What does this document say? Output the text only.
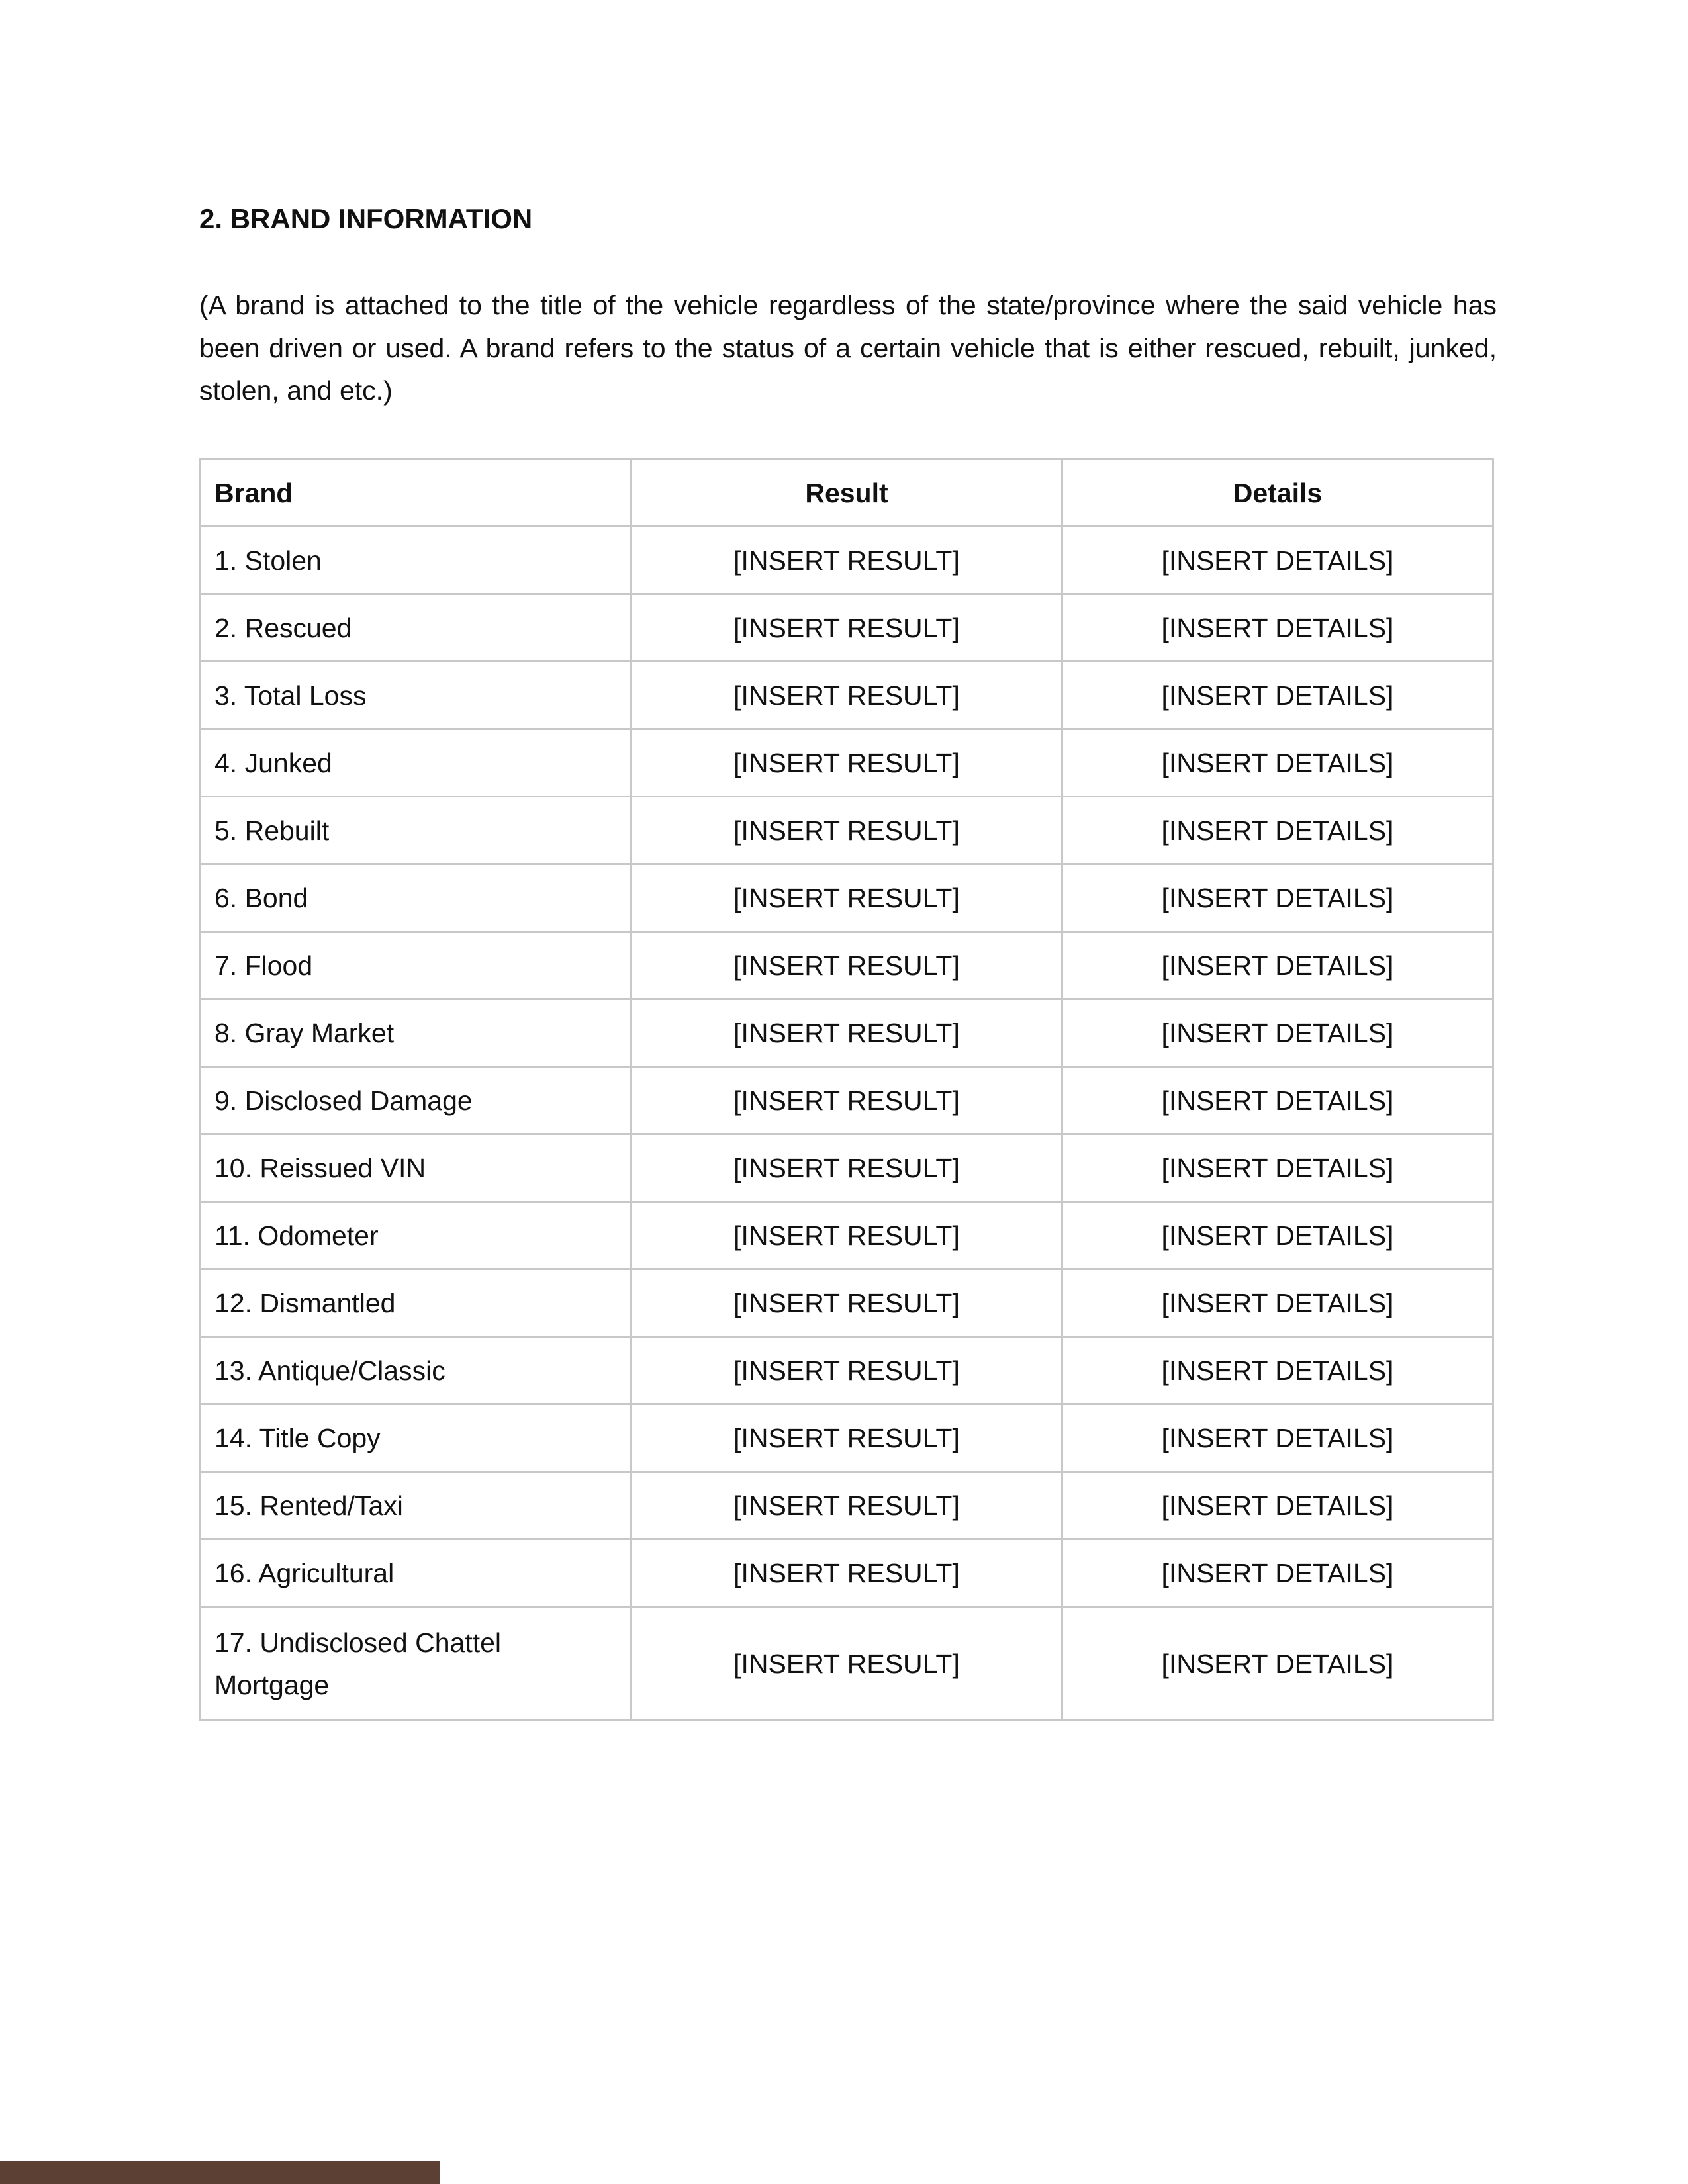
2. BRAND INFORMATION

(A brand is attached to the title of the vehicle regardless of the state/province where the said vehicle has been driven or used. A brand refers to the status of a certain vehicle that is either rescued, rebuilt, junked, stolen, and etc.)

Brand	Result	Details
1. Stolen	[INSERT RESULT]	[INSERT DETAILS]
2. Rescued	[INSERT RESULT]	[INSERT DETAILS]
3. Total Loss	[INSERT RESULT]	[INSERT DETAILS]
4. Junked	[INSERT RESULT]	[INSERT DETAILS]
5. Rebuilt	[INSERT RESULT]	[INSERT DETAILS]
6. Bond	[INSERT RESULT]	[INSERT DETAILS]
7. Flood	[INSERT RESULT]	[INSERT DETAILS]
8. Gray Market	[INSERT RESULT]	[INSERT DETAILS]
9. Disclosed Damage	[INSERT RESULT]	[INSERT DETAILS]
10. Reissued VIN	[INSERT RESULT]	[INSERT DETAILS]
11. Odometer	[INSERT RESULT]	[INSERT DETAILS]
12. Dismantled	[INSERT RESULT]	[INSERT DETAILS]
13. Antique/Classic	[INSERT RESULT]	[INSERT DETAILS]
14. Title Copy	[INSERT RESULT]	[INSERT DETAILS]
15. Rented/Taxi	[INSERT RESULT]	[INSERT DETAILS]
16. Agricultural	[INSERT RESULT]	[INSERT DETAILS]
17. Undisclosed Chattel Mortgage	[INSERT RESULT]	[INSERT DETAILS]
